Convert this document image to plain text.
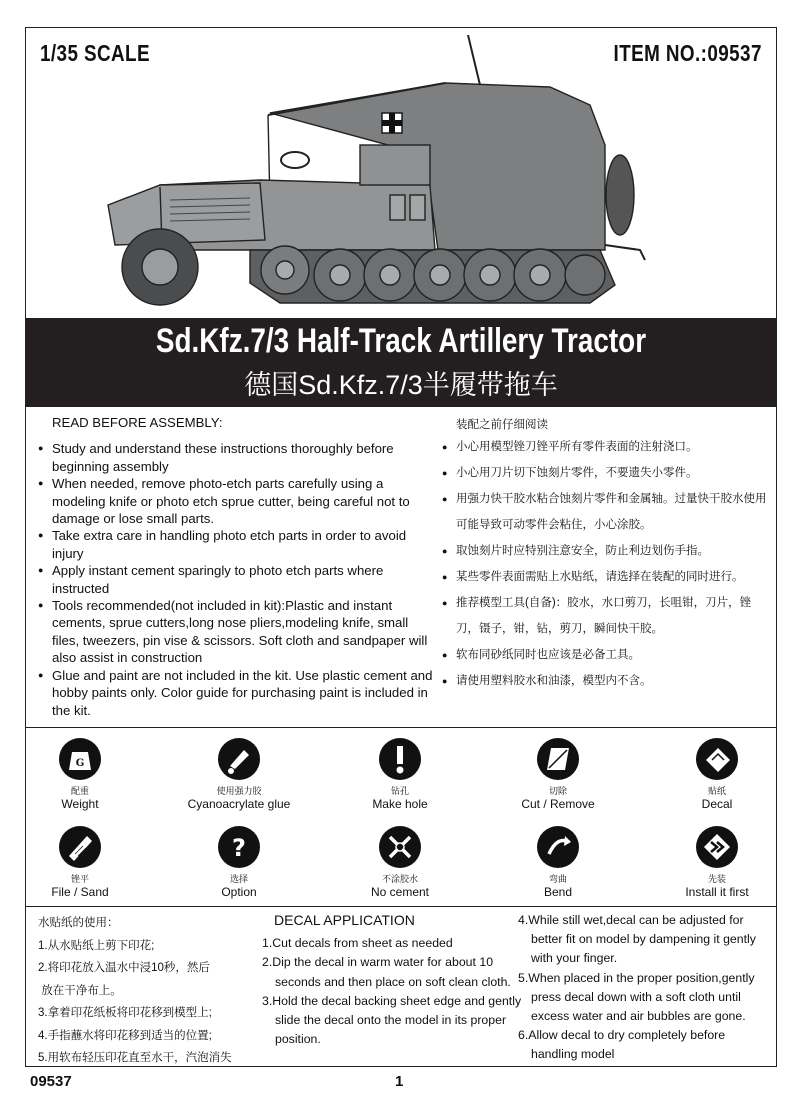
1/35 SCALE	ITEM NO.:09537
Sd.Kfz.7/3 Half-Track Artillery Tractor
德国Sd.Kfz.7/3半履带拖车
READ BEFORE ASSEMBLY:
● Study and understand these instructions thoroughly before beginning assembly
● When needed, remove photo-etch parts carefully using a modeling knife or photo etch sprue cutter, being careful not to damage or lose small parts.
● Take extra care in handling photo etch parts in order to avoid injury
● Apply instant cement sparingly to photo etch parts where instructed
● Tools recommended(not included in kit):Plastic and instant cements, sprue cutters,long nose pliers,modeling knife, small files, tweezers, pin vise & scissors. Soft cloth and sandpaper will also assist in construction
● Glue and paint are not included in the kit. Use plastic cement and hobby paints only. Color guide for purchasing paint is included in the kit.
装配之前仔细阅读
● 小心用模型锉刀锉平所有零件表面的注射浇口。
● 小心用刀片切下蚀刻片零件，不要遗失小零件。
● 用强力快干胶水粘合蚀刻片零件和金属轴。过量快干胶水使用可能导致可动零件会粘住，小心涂胶。
● 取蚀刻片时应特别注意安全，防止利边划伤手指。
● 某些零件表面需贴上水贴纸，请选择在装配的同时进行。
● 推荐模型工具(自备)：胶水，水口剪刀，长咀钳，刀片，锉刀，镊子，钳，钻，剪刀，瞬间快干胶。
● 软布同砂纸同时也应该是必备工具。
● 请使用塑料胶水和油漆，模型内不含。
G
配重
Weight
使用强力胶
Cyanoacrylate glue
钻孔
Make hole
切除
Cut / Remove
贴纸
Decal
锉平
File / Sand
?
选择
Option
不涂胶水
No cement
弯曲
Bend
先装
Install it first
水贴纸的使用：
1.从水贴纸上剪下印花;
2.将印花放入温水中浸10秒，然后
放在干净布上。
3.拿着印花纸板将印花移到模型上;
4.手指蘸水将印花移到适当的位置;
5.用软布轻压印花直至水干，汽泡消失
DECAL APPLICATION
1.Cut decals from sheet as needed
2.Dip the decal in warm water for about 10 seconds and then place on soft clean cloth.
3.Hold the decal backing sheet edge and gently slide the decal onto the model in its proper position.
4.While still wet,decal can be adjusted for better fit on model by dampening it gently with your finger.
5.When placed in the proper position,gently press decal down with a soft cloth until excess water and air bubbles are gone.
6.Allow decal to dry completely before handling model
09537	1
